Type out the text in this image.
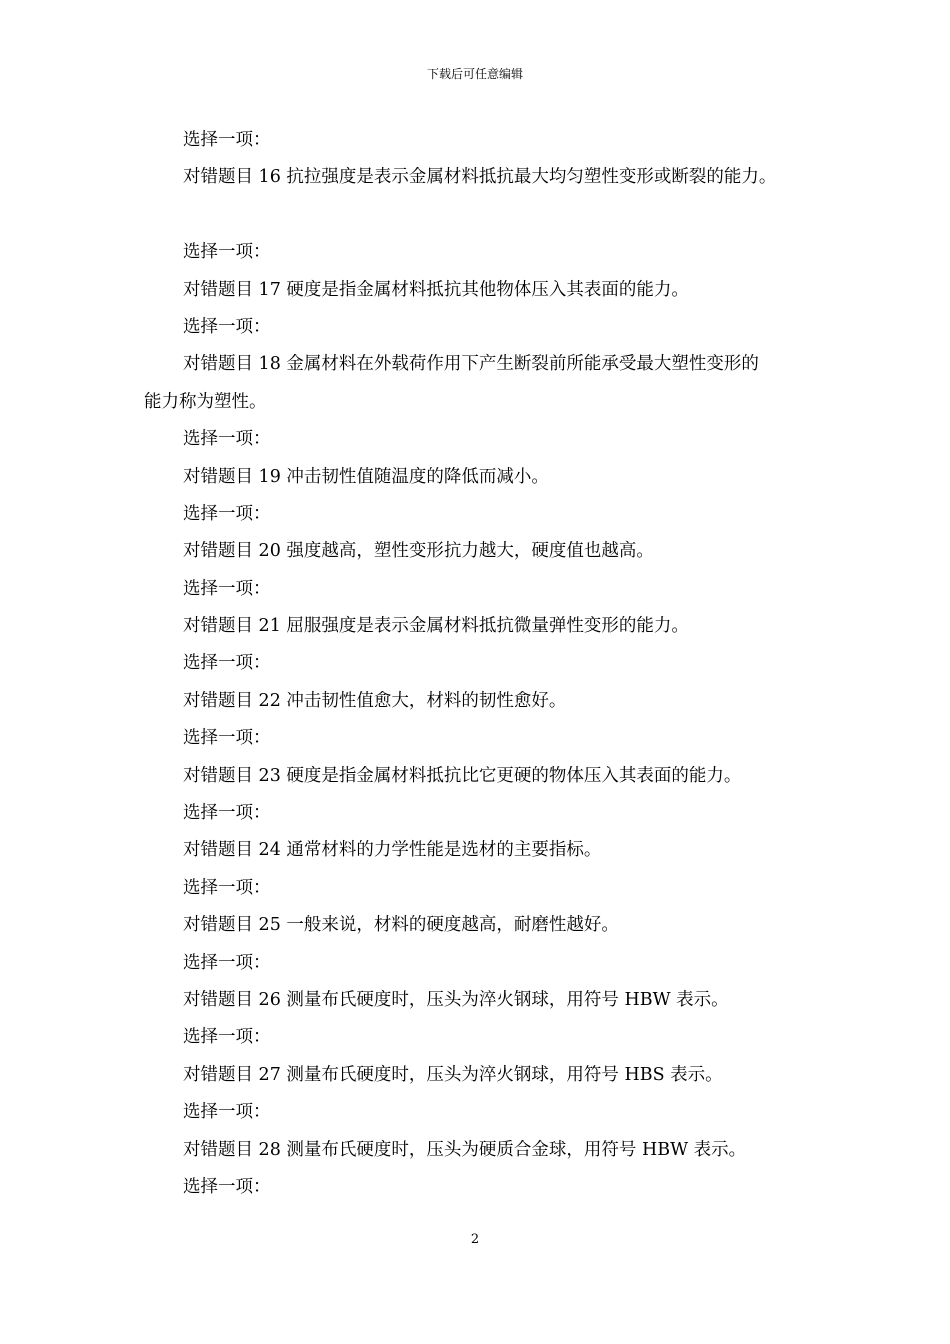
下载后可任意编辑
选择一项：
对错题目 16 抗拉强度是表示金属材料抵抗最大均匀塑性变形或断裂的能力。
选择一项：
对错题目 17 硬度是指金属材料抵抗其他物体压入其表面的能力。
选择一项：
对错题目 18 金属材料在外载荷作用下产生断裂前所能承受最大塑性变形的
能力称为塑性。
选择一项：
对错题目 19 冲击韧性值随温度的降低而减小。
选择一项：
对错题目 20 强度越高，塑性变形抗力越大，硬度值也越高。
选择一项：
对错题目 21 屈服强度是表示金属材料抵抗微量弹性变形的能力。
选择一项：
对错题目 22 冲击韧性值愈大，材料的韧性愈好。
选择一项：
对错题目 23 硬度是指金属材料抵抗比它更硬的物体压入其表面的能力。
选择一项：
对错题目 24 通常材料的力学性能是选材的主要指标。
选择一项：
对错题目 25 一般来说，材料的硬度越高，耐磨性越好。
选择一项：
对错题目 26 测量布氏硬度时，压头为淬火钢球，用符号 HBW 表示。
选择一项：
对错题目 27 测量布氏硬度时，压头为淬火钢球，用符号 HBS 表示。
选择一项：
对错题目 28 测量布氏硬度时，压头为硬质合金球，用符号 HBW 表示。
选择一项：
2
